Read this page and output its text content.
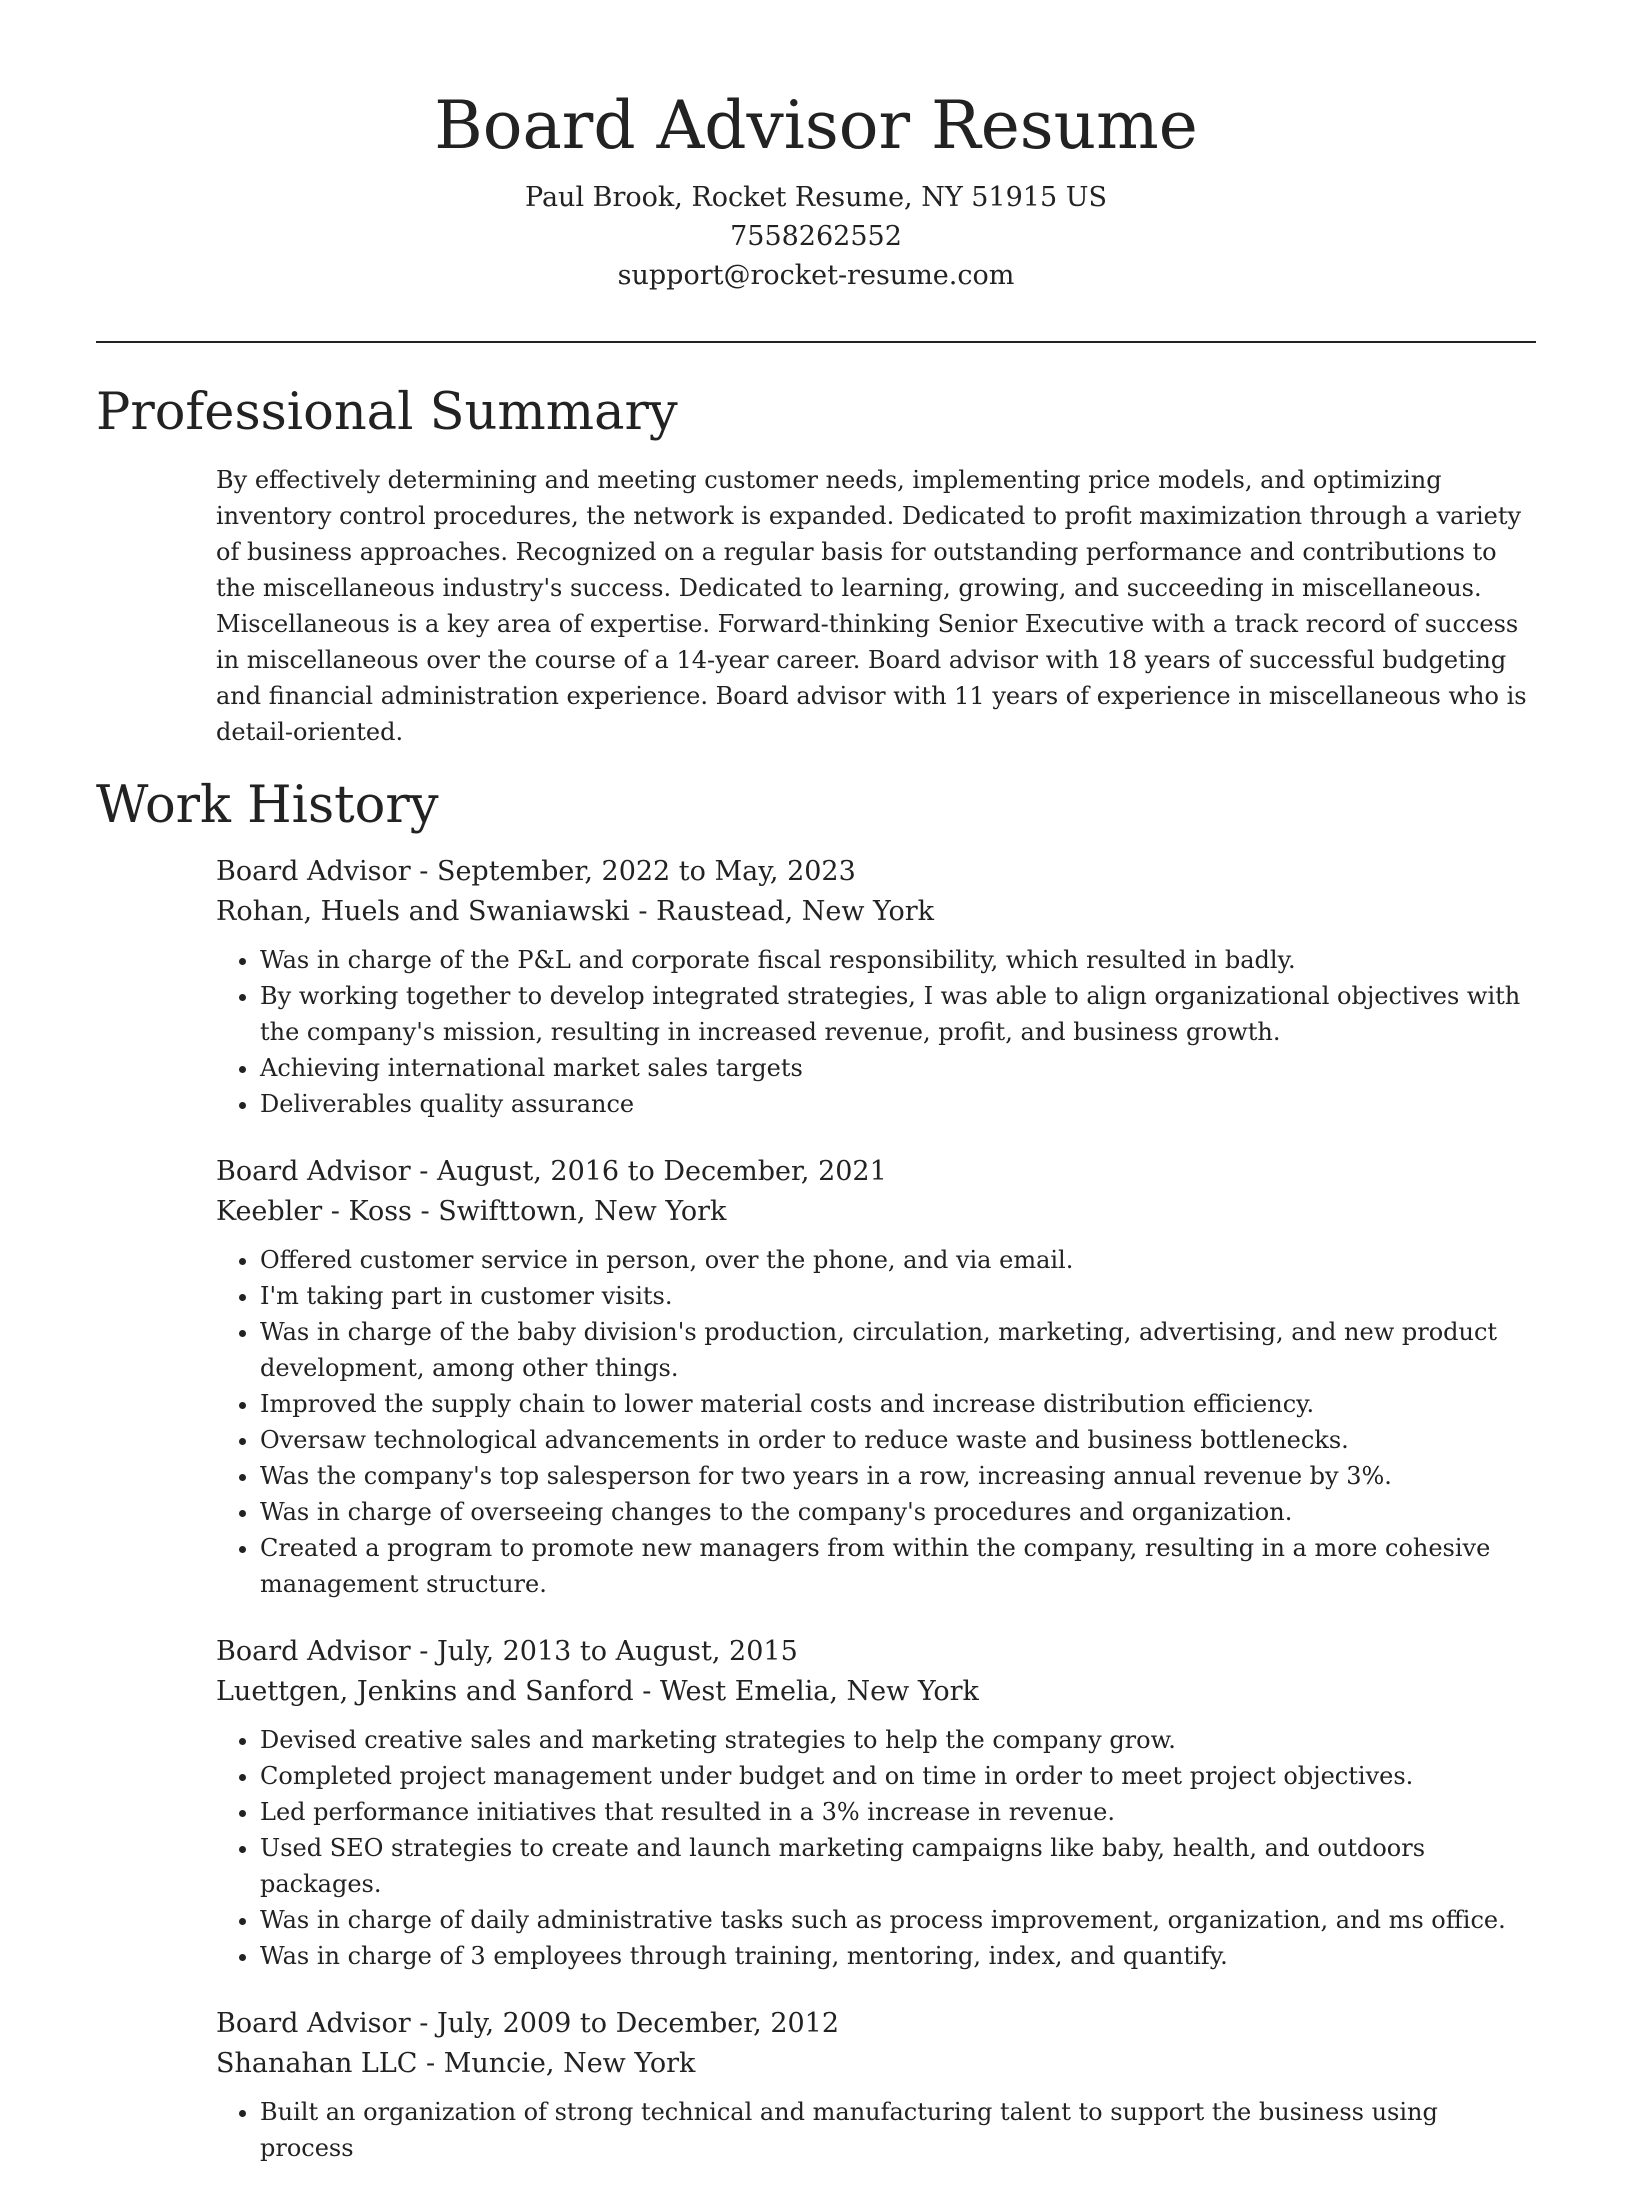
Board Advisor Resume

Paul Brook, Rocket Resume, NY 51915 US

7558262552

support@rocket-resume.com

Professional Summary

By effectively determining and meeting customer needs, implementing price models, and optimizing inventory control procedures, the network is expanded. Dedicated to profit maximization through a variety of business approaches. Recognized on a regular basis for outstanding performance and contributions to the miscellaneous industry's success. Dedicated to learning, growing, and succeeding in miscellaneous. Miscellaneous is a key area of expertise. Forward-thinking Senior Executive with a track record of success in miscellaneous over the course of a 14-year career. Board advisor with 18 years of successful budgeting and financial administration experience. Board advisor with 11 years of experience in miscellaneous who is detail-oriented.

Work History

Board Advisor - September, 2022 to May, 2023

Rohan, Huels and Swaniawski - Raustead, New York

• Was in charge of the P&L and corporate fiscal responsibility, which resulted in badly.
• By working together to develop integrated strategies, I was able to align organizational objectives with the company's mission, resulting in increased revenue, profit, and business growth.
• Achieving international market sales targets
• Deliverables quality assurance

Board Advisor - August, 2016 to December, 2021

Keebler - Koss - Swifttown, New York

• Offered customer service in person, over the phone, and via email.
• I'm taking part in customer visits.
• Was in charge of the baby division's production, circulation, marketing, advertising, and new product development, among other things.
• Improved the supply chain to lower material costs and increase distribution efficiency.
• Oversaw technological advancements in order to reduce waste and business bottlenecks.
• Was the company's top salesperson for two years in a row, increasing annual revenue by 3%.
• Was in charge of overseeing changes to the company's procedures and organization.
• Created a program to promote new managers from within the company, resulting in a more cohesive management structure.

Board Advisor - July, 2013 to August, 2015

Luettgen, Jenkins and Sanford - West Emelia, New York

• Devised creative sales and marketing strategies to help the company grow.
• Completed project management under budget and on time in order to meet project objectives.
• Led performance initiatives that resulted in a 3% increase in revenue.
• Used SEO strategies to create and launch marketing campaigns like baby, health, and outdoors packages.
• Was in charge of daily administrative tasks such as process improvement, organization, and ms office.
• Was in charge of 3 employees through training, mentoring, index, and quantify.

Board Advisor - July, 2009 to December, 2012

Shanahan LLC - Muncie, New York

• Built an organization of strong technical and manufacturing talent to support the business using process
